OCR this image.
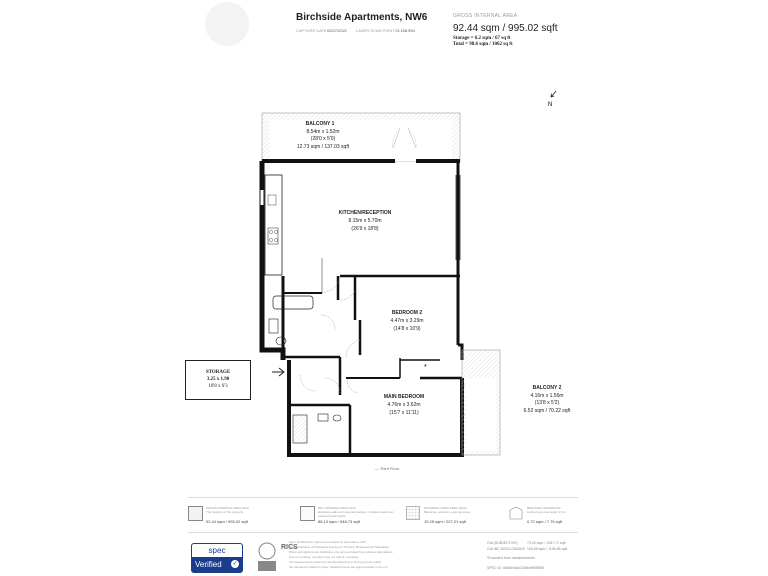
Birchside Apartments, NW6
CAPTURE DATE 02/07/2021 LASER SCAN POINTS 3,158,954
GROSS INTERNAL AREA
92.44 sqm / 995.02 sqft
Storage = 6.2 sqm / 67 sq ft
Total = 98.6 sqm / 1062 sq ft
N
*
BALCONY 1
8.54m x 1.52m
(28'0 x 5'0)
12.73 sqm / 137.03 sqft
KITCHEN/RECEPTION
8.15m x 5.70m
(26'9 x 18'8)
BEDROOM 2
4.47m x 3.29m
(14'8 x 10'9)
MAIN BEDROOM
4.76m x 3.62m
(15'7 x 11'11)
BALCONY 2
4.16m x 1.56m
(13'8 x 5'2)
6.52 sqm / 70.22 sqft
— Third Floor
STORAGE
3.25 x 1.90
10'8 x 6'3
GROSS INTERNAL AREA (GIA)
The footprint of the property
92.44 sqm / 995.02 sqft
NET INTERNAL AREA (NIA)
Excludes walls and external features, includes washroom, reduced head height
88.13 sqm / 948.73 sqft
EXTERNAL OPEN AREA (EOA)
Balconies, terraces, external areas
19.25 sqm / 207.21 sqft
REDUCED HEADROOM
Limited use area under 1.5 m
0.72 sqm / 7.75 sqft
spec
Verified ✓
RICS
Spec Verified floor plans are produced in accordance with
Royal Institution of Chartered Surveyors' Property Measurement Standards.
Plans and gardens are illustrative only and excluded from all area calculations.
Due to rounding, numbers may not add up precisely.
All measurements shown for the illustrated room sizing and are within
the tolerances stated by Spec. Measurements are approximated to the cm.
GIA (SUBJECTIVE)	73.20 sqm / 1087.71 sqft
GIA INC DISCLOSABLE 100.69 sqm / 1196.86 sqft
*Excluded from measurements
SPEC ID: 8563e3fa4013f6e5ff0f85f5
